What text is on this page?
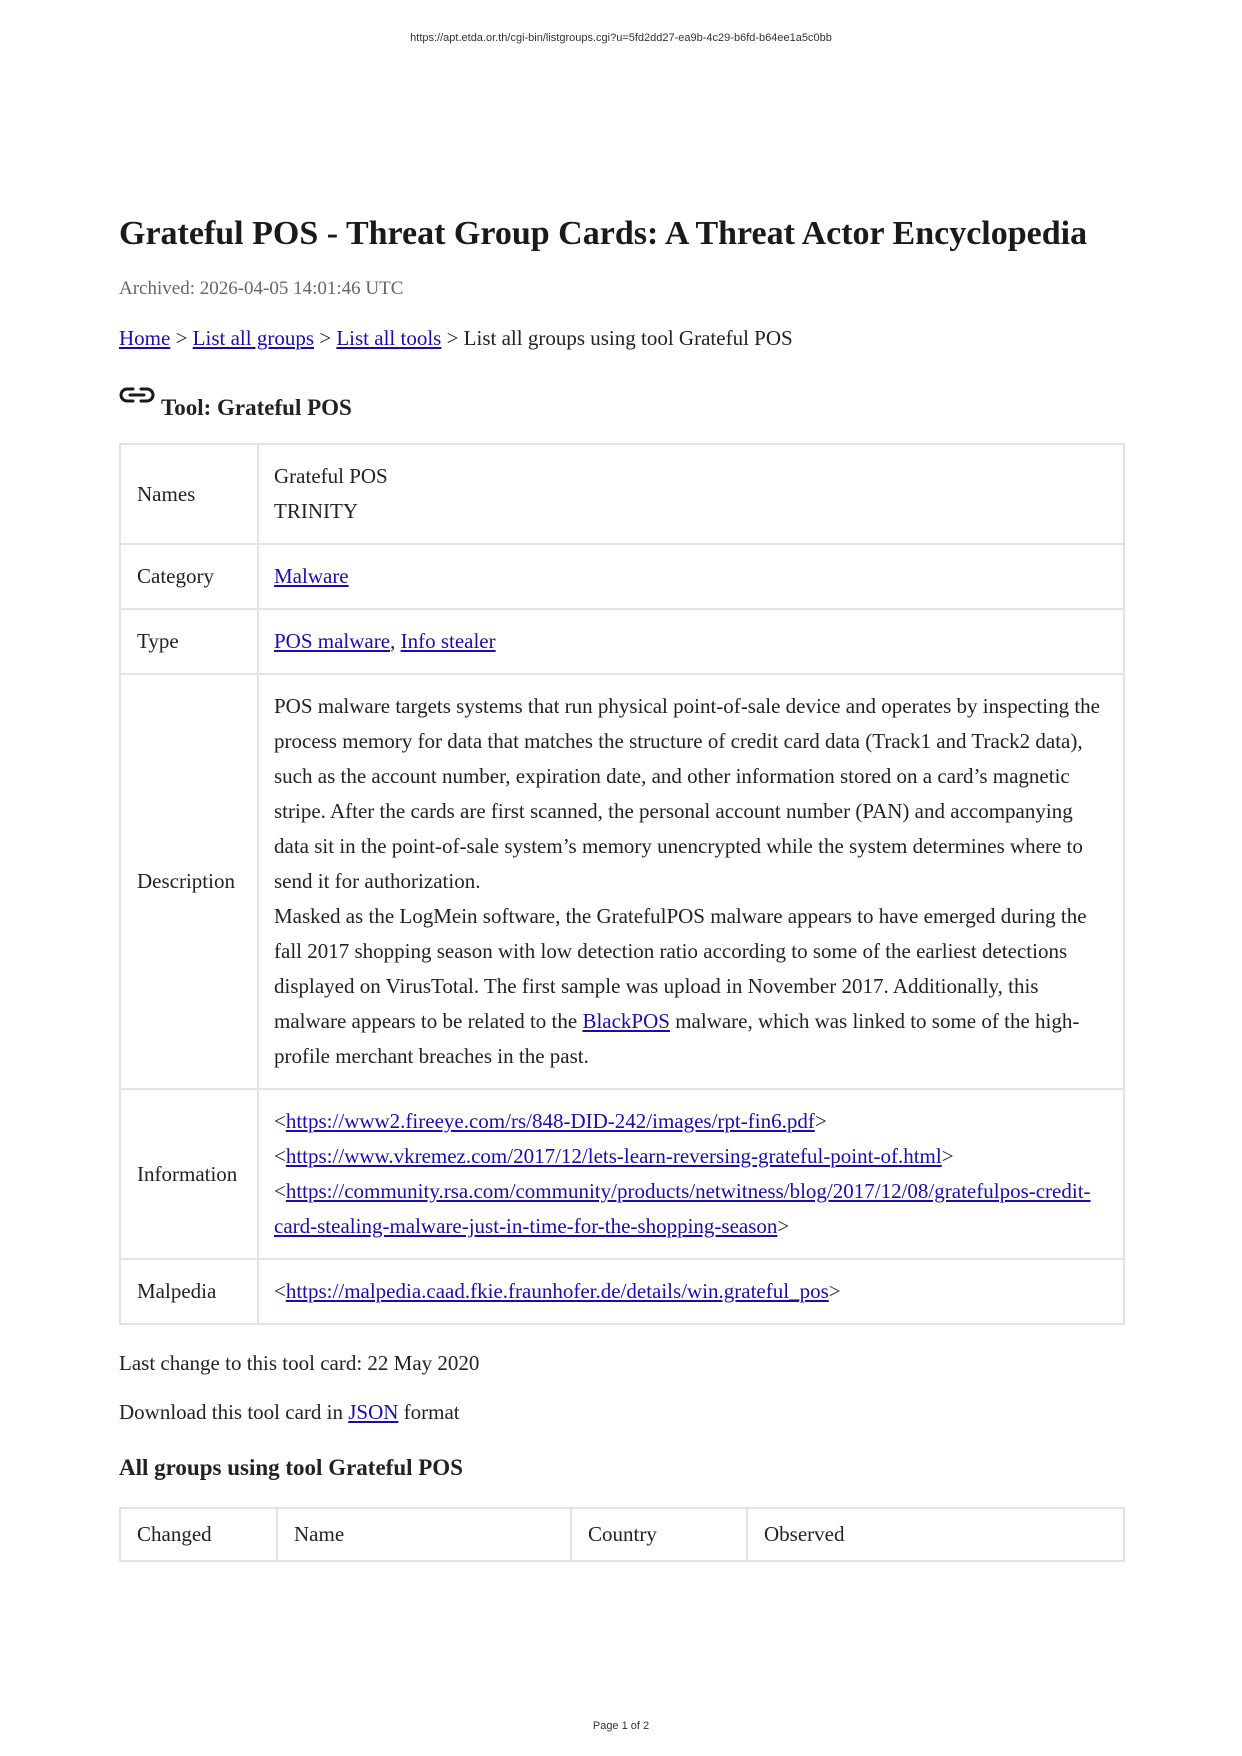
https://apt.etda.or.th/cgi-bin/listgroups.cgi?u=5fd2dd27-ea9b-4c29-b6fd-b64ee1a5c0bb
Grateful POS - Threat Group Cards: A Threat Actor Encyclopedia
Archived: 2026-04-05 14:01:46 UTC
Home > List all groups > List all tools > List all groups using tool Grateful POS
Tool: Grateful POS
Names	Grateful POS
TRINITY

Category	Malware
Type	POS malware, Info stealer
Description	POS malware targets systems that run physical point-of-sale device and operates by inspecting the process memory for data that matches the structure of credit card data (Track1 and Track2 data), such as the account number, expiration date, and other information stored on a card’s magnetic stripe. After the cards are first scanned, the personal account number (PAN) and accompanying data sit in the point-of-sale system’s memory unencrypted while the system determines where to send it for authorization.

Masked as the LogMein software, the GratefulPOS malware appears to have emerged during the fall 2017 shopping season with low detection ratio according to some of the earliest detections displayed on VirusTotal. The first sample was upload in November 2017. Additionally, this malware appears to be related to the BlackPOS malware, which was linked to some of the high-profile merchant breaches in the past.

Information	<https://www2.fireeye.com/rs/848-DID-242/images/rpt-fin6.pdf>
<https://www.vkremez.com/2017/12/lets-learn-reversing-grateful-point-of.html>
<https://community.rsa.com/community/products/netwitness/blog/2017/12/08/gratefulpos-credit-card-stealing-malware-just-in-time-for-the-shopping-season>

Malpedia	<https://malpedia.caad.fkie.fraunhofer.de/details/win.grateful_pos>
Last change to this tool card: 22 May 2020
Download this tool card in JSON format
All groups using tool Grateful POS
Changed	Name	Country	Observed
Page 1 of 2
